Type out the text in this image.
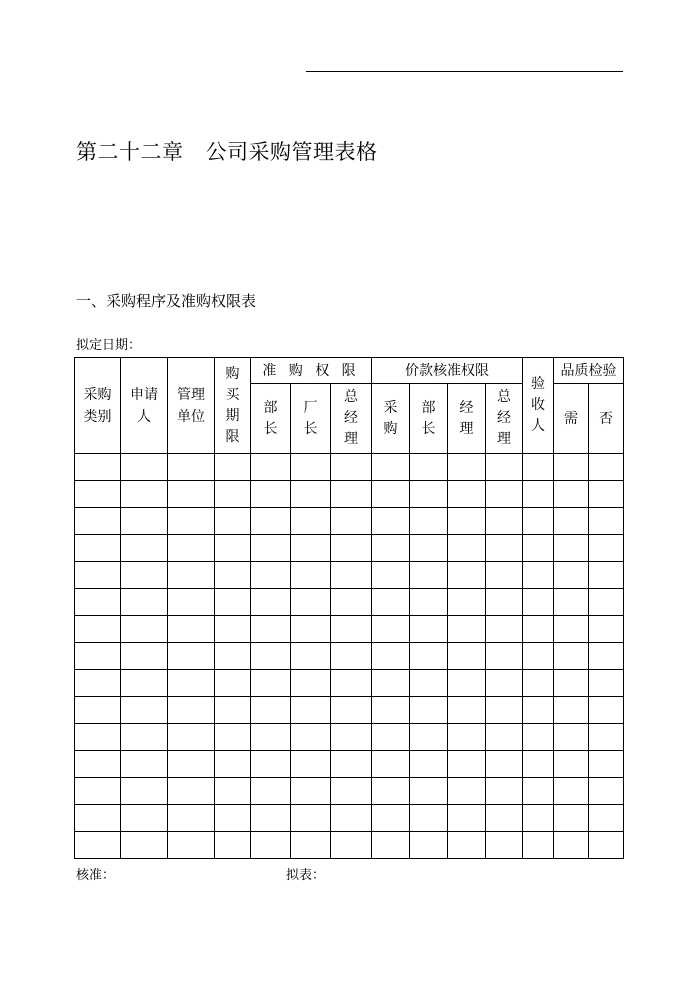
第二十二章 公司采购管理表格
一、采购程序及准购权限表
拟定日期：
采购类别	申请人	管理单位	购买期限	准 购 权 限			价款核准权限				验收人	品质检验	
				部长	厂长	总经理	采购	部长	经理	总经理		需	否

核准：	拟表：
